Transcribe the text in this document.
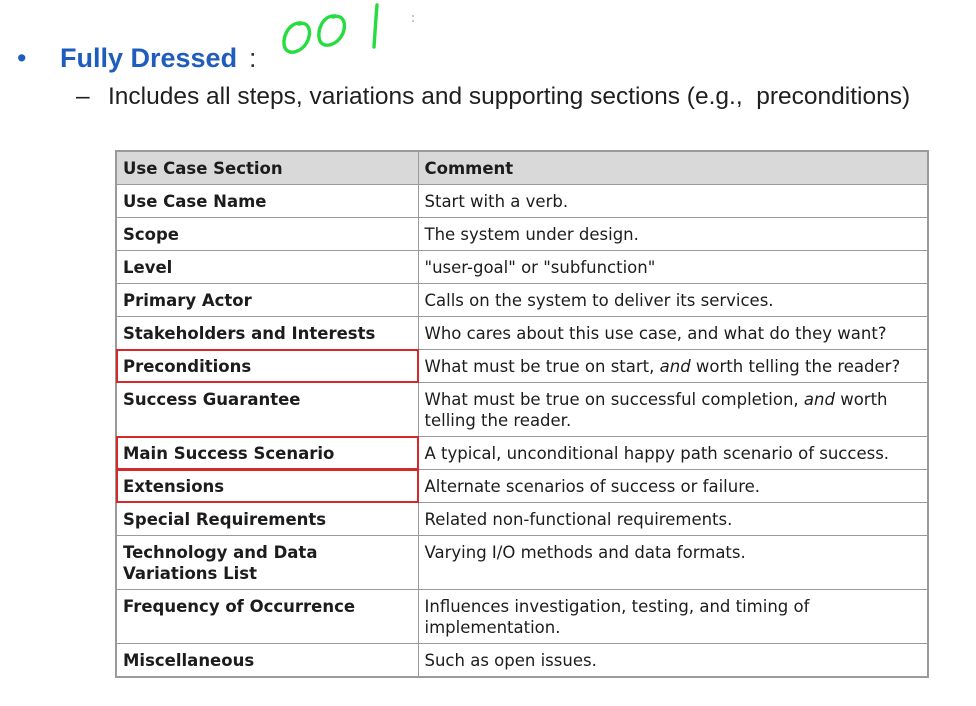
• Fully Dressed :
– Includes all steps, variations and supporting sections (e.g.,  preconditions)
Use Case Section	Comment
Use Case Name	Start with a verb.
Scope	The system under design.
Level	"user-goal" or "subfunction"
Primary Actor	Calls on the system to deliver its services.
Stakeholders and Interests	Who cares about this use case, and what do they want?
Preconditions	What must be true on start, and worth telling the reader?
Success Guarantee	What must be true on successful completion, and worth telling the reader.
Main Success Scenario	A typical, unconditional happy path scenario of success.
Extensions	Alternate scenarios of success or failure.
Special Requirements	Related non-functional requirements.
Technology and Data Variations List	Varying I/O methods and data formats.
Frequency of Occurrence	Influences investigation, testing, and timing of implementation.
Miscellaneous	Such as open issues.
